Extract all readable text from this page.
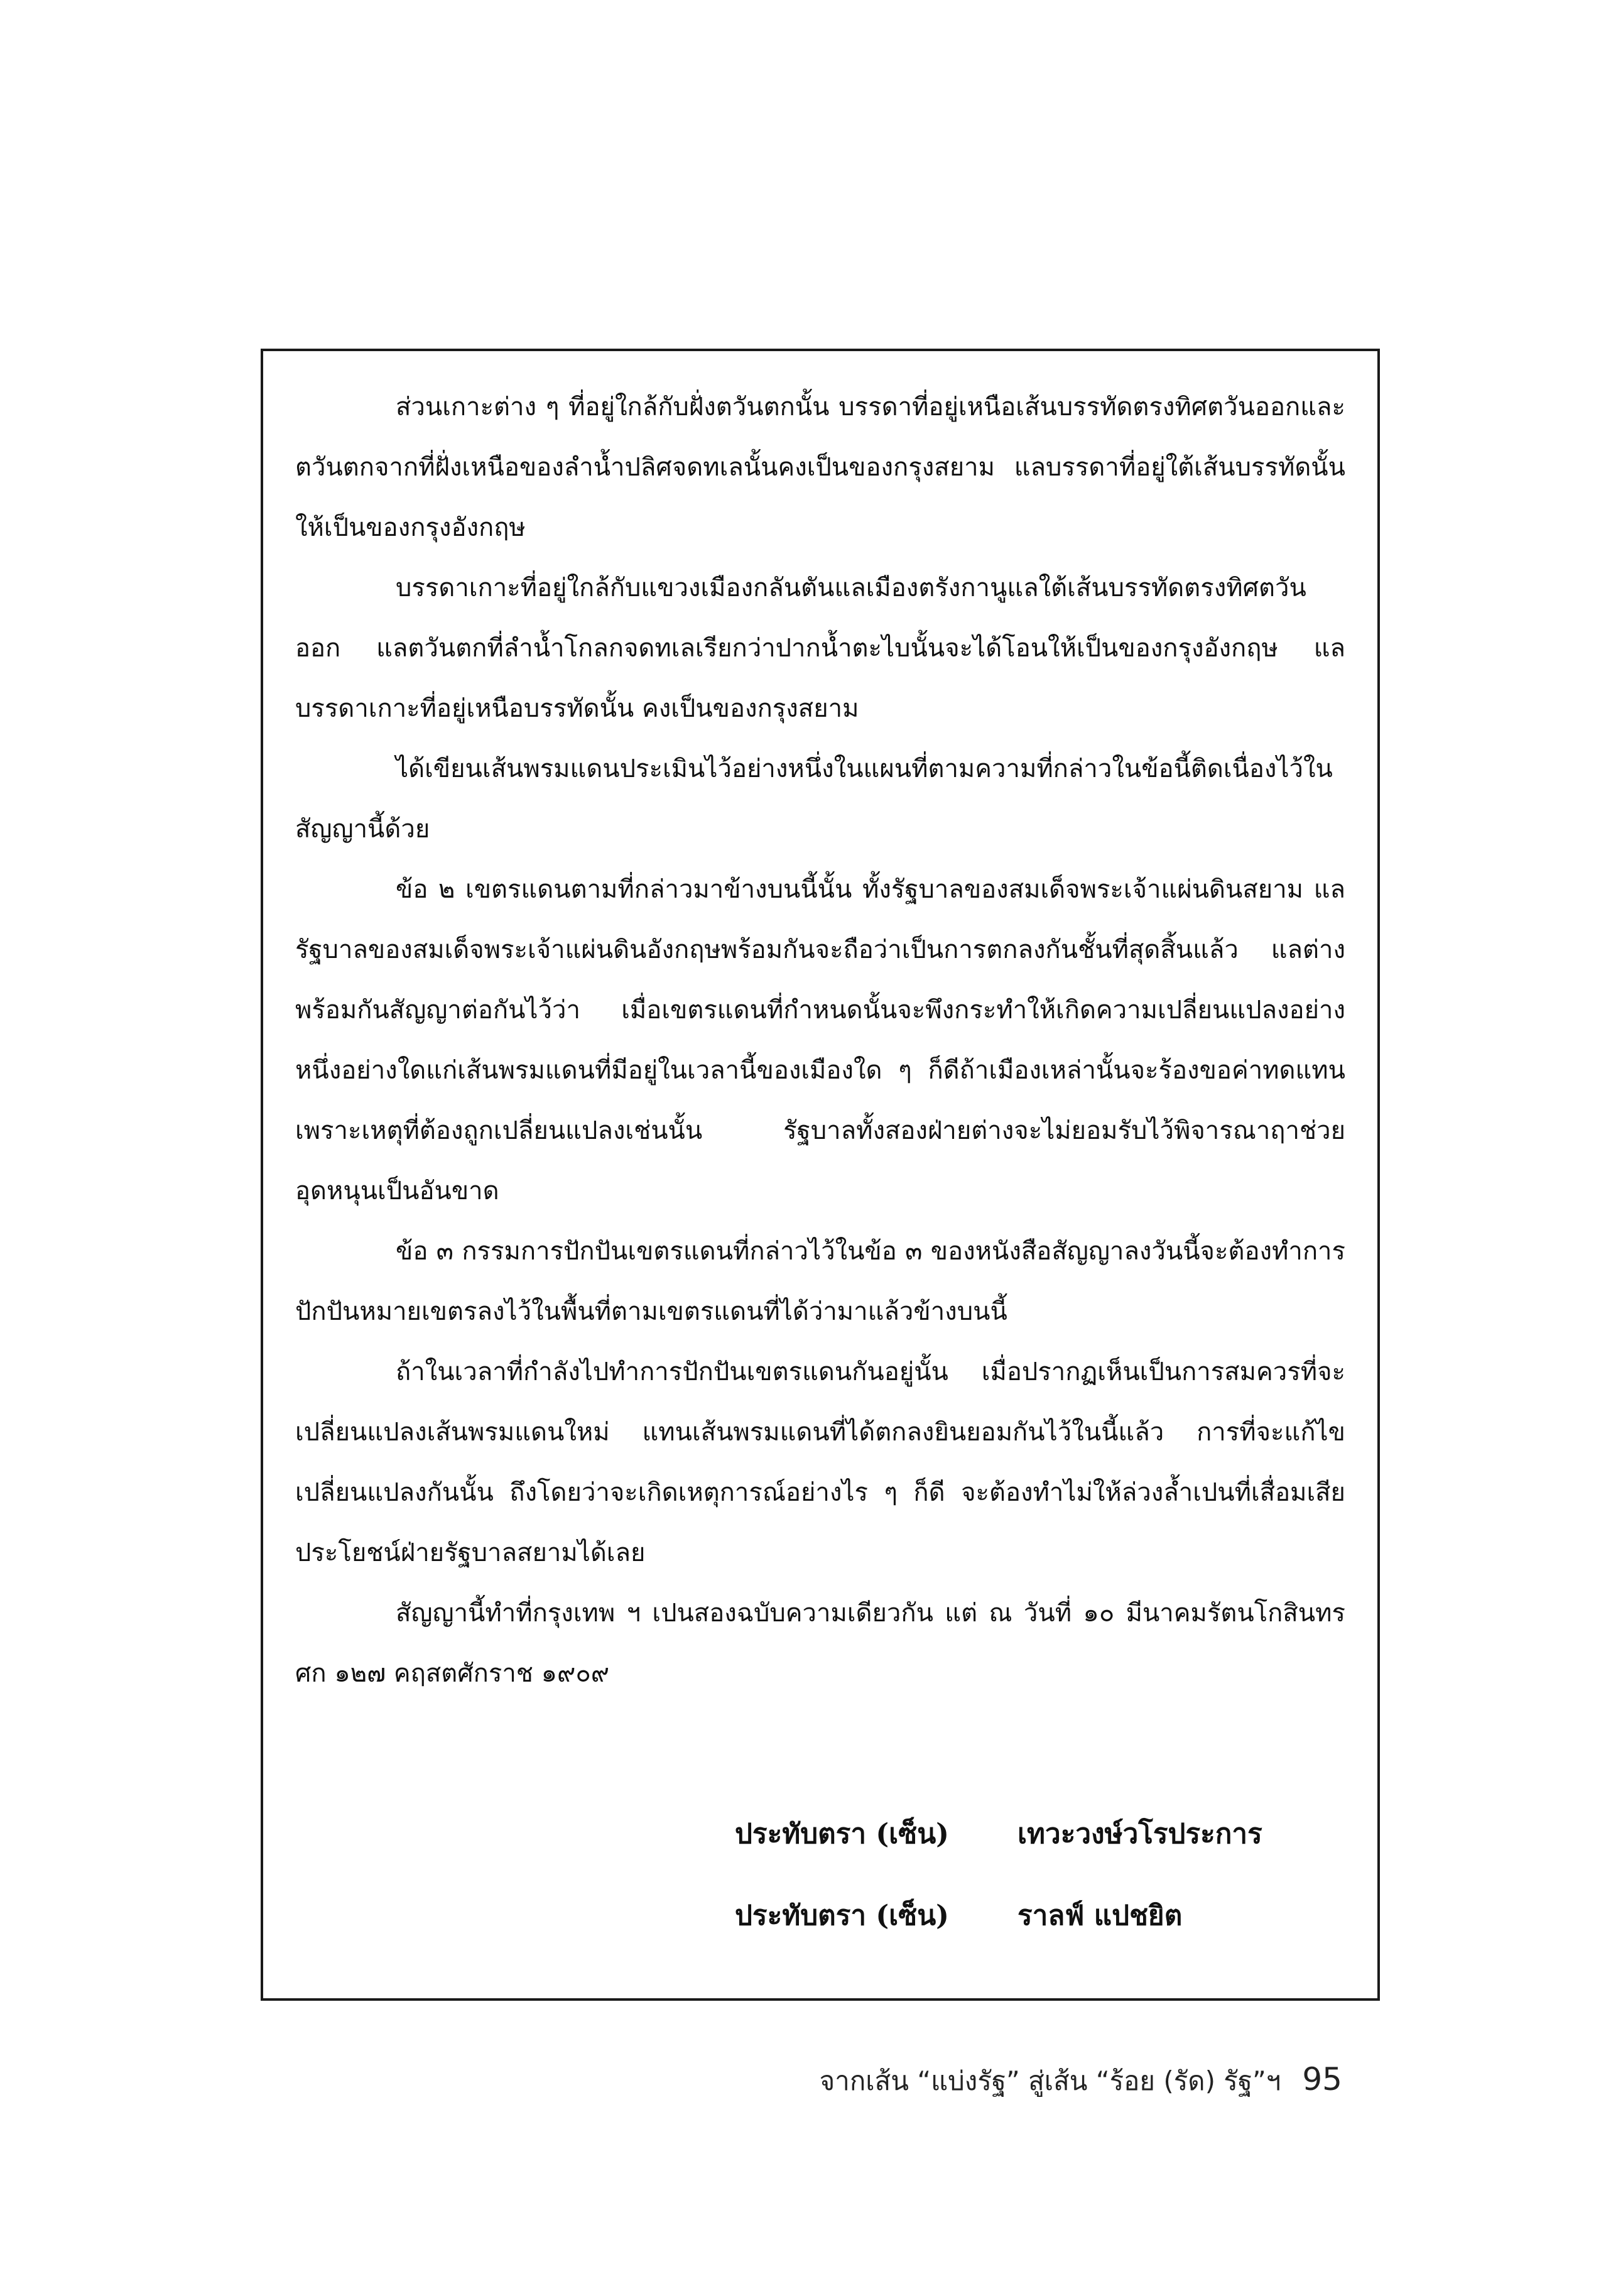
ส่วนเกาะต่าง ๆ ที่อยู่ใกล้กับฝั่งตวันตกนั้น บรรดาที่อยู่เหนือเส้นบรรทัดตรงทิศตวันออกและตวันตกจากที่ฝั่งเหนือของลำน้ำปลิศจดทเลนั้นคงเป็นของกรุงสยาม แลบรรดาที่อยู่ใต้เส้นบรรทัดนั้นให้เป็นของกรุงอังกฤษ

บรรดาเกาะที่อยู่ใกล้กับแขวงเมืองกลันตันแลเมืองตรังกานูแลใต้เส้นบรรทัดตรงทิศตวันออก แลตวันตกที่ลำน้ำโกลกจดทเลเรียกว่าปากน้ำตะไบนั้นจะได้โอนให้เป็นของกรุงอังกฤษ แลบรรดาเกาะที่อยู่เหนือบรรทัดนั้น คงเป็นของกรุงสยาม

ได้เขียนเส้นพรมแดนประเมินไว้อย่างหนึ่งในแผนที่ตามความที่กล่าวในข้อนี้ติดเนื่องไว้ในสัญญานี้ด้วย

ข้อ ๒ เขตรแดนตามที่กล่าวมาข้างบนนี้นั้น ทั้งรัฐบาลของสมเด็จพระเจ้าแผ่นดินสยาม แลรัฐบาลของสมเด็จพระเจ้าแผ่นดินอังกฤษพร้อมกันจะถือว่าเป็นการตกลงกันชั้นที่สุดสิ้นแล้ว แลต่างพร้อมกันสัญญาต่อกันไว้ว่า เมื่อเขตรแดนที่กำหนดนั้นจะพึงกระทำให้เกิดความเปลี่ยนแปลงอย่างหนึ่งอย่างใดแก่เส้นพรมแดนที่มีอยู่ในเวลานี้ของเมืองใด ๆ ก็ดีถ้าเมืองเหล่านั้นจะร้องขอค่าทดแทนเพราะเหตุที่ต้องถูกเปลี่ยนแปลงเช่นนั้น รัฐบาลทั้งสองฝ่ายต่างจะไม่ยอมรับไว้พิจารณาฤาช่วยอุดหนุนเป็นอันขาด

ข้อ ๓ กรรมการปักปันเขตรแดนที่กล่าวไว้ในข้อ ๓ ของหนังสือสัญญาลงวันนี้จะต้องทำการปักปันหมายเขตรลงไว้ในพื้นที่ตามเขตรแดนที่ได้ว่ามาแล้วข้างบนนี้

ถ้าในเวลาที่กำลังไปทำการปักปันเขตรแดนกันอยู่นั้น เมื่อปรากฏเห็นเป็นการสมควรที่จะเปลี่ยนแปลงเส้นพรมแดนใหม่ แทนเส้นพรมแดนที่ได้ตกลงยินยอมกันไว้ในนี้แล้ว การที่จะแก้ไขเปลี่ยนแปลงกันนั้น ถึงโดยว่าจะเกิดเหตุการณ์อย่างไร ๆ ก็ดี จะต้องทำไม่ให้ล่วงล้ำเปนที่เสื่อมเสียประโยชน์ฝ่ายรัฐบาลสยามได้เลย

สัญญานี้ทำที่กรุงเทพ ฯ เปนสองฉบับความเดียวกัน แต่ ณ วันที่ ๑๐ มีนาคมรัตนโกสินทรศก ๑๒๗ คฤสตศักราช ๑๙๐๙

ประทับตรา (เซ็น)	เทวะวงษ์วโรประการ
ประทับตรา (เซ็น)	ราลฟ์ แปชยิต
จากเส้น “แบ่งรัฐ” สู่เส้น “ร้อย (รัด) รัฐ”ฯ 95
